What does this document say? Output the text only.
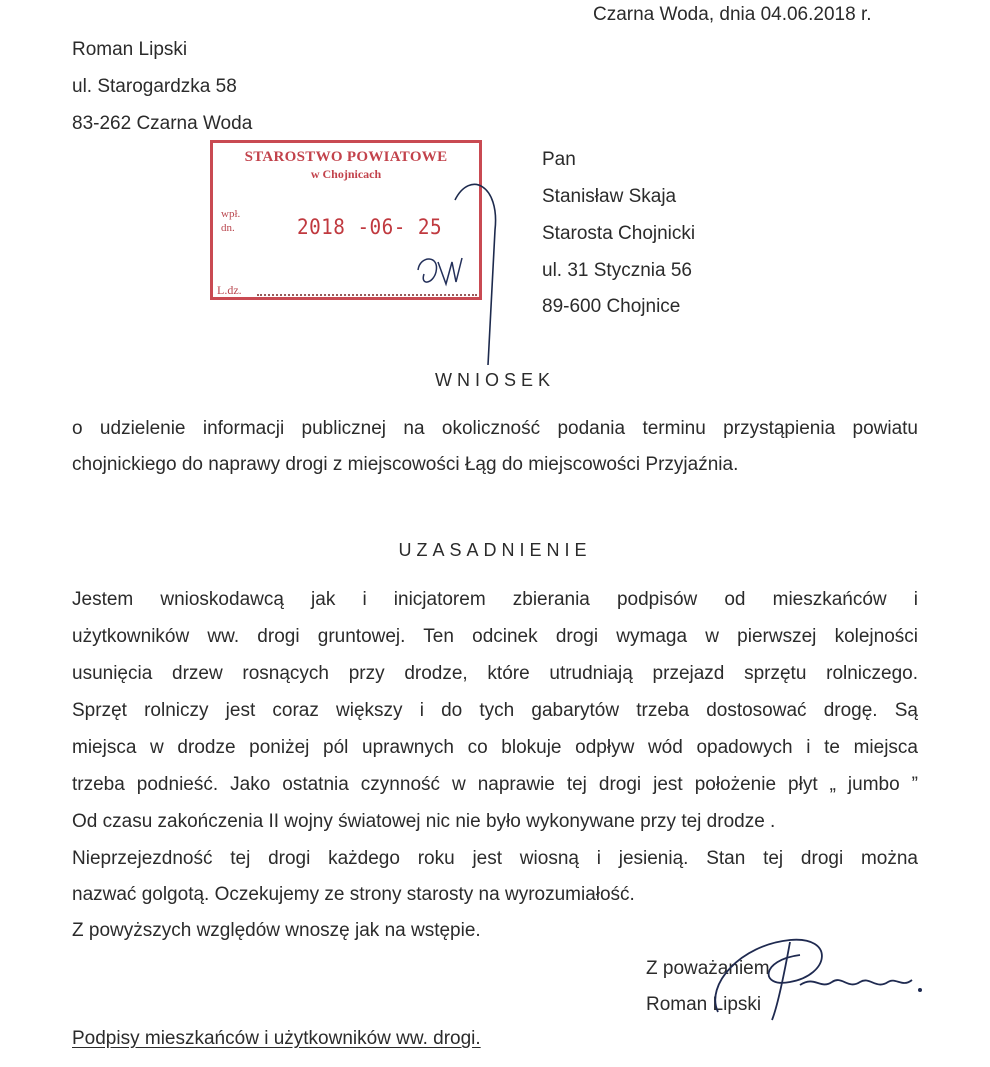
Czarna Woda, dnia 04.06.2018 r.
Roman Lipski
ul. Starogardzka 58
83-262 Czarna Woda
STAROSTWO POWIATOWE
w Chojnicach
wpł.
dn.	2018 -06- 25
L.dz.
Pan
Stanisław Skaja
Starosta Chojnicki
ul. 31 Stycznia 56
89-600 Chojnice
WNIOSEK
o udzielenie informacji publicznej na okoliczność podania terminu przystąpienia powiatu
chojnickiego do naprawy drogi z miejscowości Łąg do miejscowości Przyjaźnia.
UZASADNIENIE
Jestem wnioskodawcą jak i inicjatorem zbierania podpisów od mieszkańców i
użytkowników ww. drogi gruntowej. Ten odcinek drogi wymaga w pierwszej kolejności
usunięcia drzew rosnących przy drodze, które utrudniają przejazd sprzętu rolniczego.
Sprzęt rolniczy jest coraz większy i do tych gabarytów trzeba dostosować drogę. Są
miejsca w drodze poniżej pól uprawnych co blokuje odpływ wód opadowych i te miejsca
trzeba podnieść. Jako ostatnia czynność w naprawie tej drogi jest położenie płyt „ jumbo ”
Od czasu zakończenia II wojny światowej nic nie było wykonywane przy tej drodze .
Nieprzejezdność tej drogi każdego roku jest wiosną i jesienią. Stan tej drogi można
nazwać golgotą. Oczekujemy ze strony starosty na wyrozumiałość.
Z powyższych względów wnoszę jak na wstępie.
Z poważaniem
Roman Lipski
Podpisy mieszkańców i użytkowników ww. drogi.
